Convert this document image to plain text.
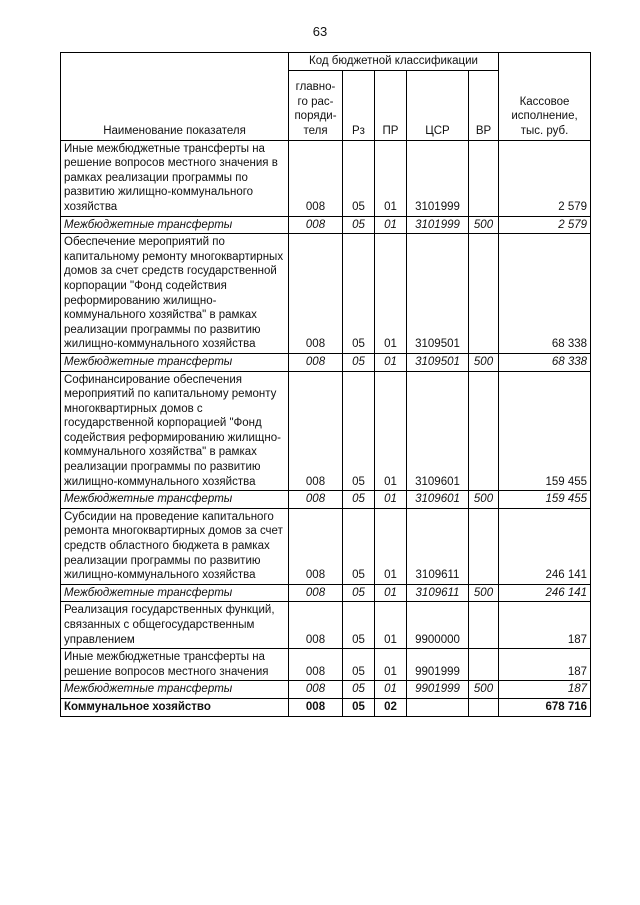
63
Наименование показателя	Код бюджетной классификации					Кассовое исполнение, тыс. руб.
	главно-го рас-поряди-теля	Рз	ПР	ЦСР	ВР	
Иные межбюджетные трансферты на решение вопросов местного значения в рамках реализации программы по развитию жилищно-коммунального хозяйства	008	05	01	3101999		2 579
Межбюджетные трансферты	008	05	01	3101999	500	2 579
Обеспечение мероприятий по капитальному ремонту многоквартирных домов за счет средств государственной корпорации "Фонд содействия реформированию жилищно-коммунального хозяйства" в рамках реализации программы по развитию жилищно-коммунального хозяйства	008	05	01	3109501		68 338
Межбюджетные трансферты	008	05	01	3109501	500	68 338
Софинансирование обеспечения мероприятий по капитальному ремонту многоквартирных домов с государственной корпорацией "Фонд содействия реформированию жилищно-коммунального хозяйства" в рамках реализации программы по развитию жилищно-коммунального хозяйства	008	05	01	3109601		159 455
Межбюджетные трансферты	008	05	01	3109601	500	159 455
Субсидии на проведение капитального ремонта многоквартирных домов за счет средств областного бюджета в рамках реализации программы по развитию жилищно-коммунального хозяйства	008	05	01	3109611		246 141
Межбюджетные трансферты	008	05	01	3109611	500	246 141
Реализация государственных функций, связанных с общегосударственным управлением	008	05	01	9900000		187
Иные межбюджетные трансферты на решение вопросов местного значения	008	05	01	9901999		187
Межбюджетные трансферты	008	05	01	9901999	500	187
Коммунальное хозяйство	008	05	02			678 716
